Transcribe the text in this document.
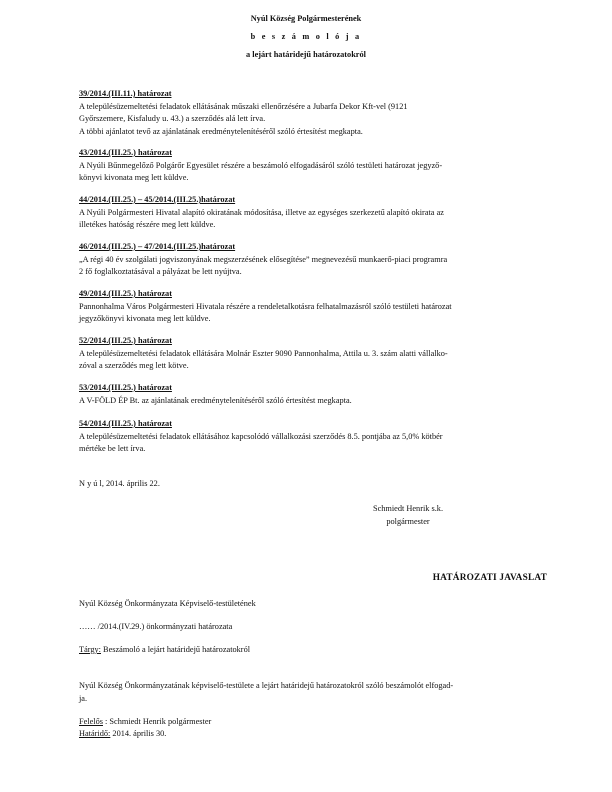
Nyúl Község Polgármesterének
b e s z á m o l ó j a
a lejárt határidejű határozatokról
39/2014.(III.11.) határozat
A településüzemeltetési feladatok ellátásának műszaki ellenőrzésére a Jubarfa Dekor Kft-vel (9121
Győrszemere, Kisfaludy u. 43.) a szerződés alá lett írva.
A többi ajánlatot tevő az ajánlatának eredménytelenítéséről szóló értesítést megkapta.
43/2014.(III.25.) határozat
A Nyúli Bűnmegelőző Polgárőr Egyesület részére a beszámoló elfogadásáról szóló testületi határozat jegyző-
könyvi kivonata meg lett küldve.
44/2014.(III.25.) – 45/2014.(III.25.)határozat
A Nyúli Polgármesteri Hivatal alapító okiratának módosítása, illetve az egységes szerkezetű alapító okirata az
illetékes hatóság részére meg lett küldve.
46/2014.(III.25.) – 47/2014.(III.25.)határozat
„A régi 40 év szolgálati jogviszonyának megszerzésének elősegítése” megnevezésű munkaerő-piaci programra
2 fő foglalkoztatásával a pályázat be lett nyújtva.
49/2014.(III.25.) határozat
Pannonhalma Város Polgármesteri Hivatala részére a rendeletalkotásra felhatalmazásról szóló testületi határozat
jegyzőkönyvi kivonata meg lett küldve.
52/2014.(III.25.) határozat
A településüzemeltetési feladatok ellátására Molnár Eszter 9090 Pannonhalma, Attila u. 3. szám alatti vállalko-
zóval a szerződés meg lett kötve.
53/2014.(III.25.) határozat
A V-FÖLD ÉP Bt. az ajánlatának eredménytelenítéséről szóló értesítést megkapta.
54/2014.(III.25.) határozat
A településüzemeltetési feladatok ellátásához kapcsolódó vállalkozási szerződés 8.5. pontjába az 5,0% kötbér
mértéke be lett írva.
N y ú l, 2014. április 22.
Schmiedt Henrik s.k.
polgármester
HATÁROZATI JAVASLAT
Nyúl Község Önkormányzata Képviselő-testületének
…… /2014.(IV.29.) önkormányzati határozata
Tárgy: Beszámoló a lejárt határidejű határozatokról
Nyúl Község Önkormányzatának képviselő-testülete a lejárt határidejű határozatokról szóló beszámolót elfogad-
ja.
Felelős : Schmiedt Henrik polgármester
Határidő: 2014. április 30.
